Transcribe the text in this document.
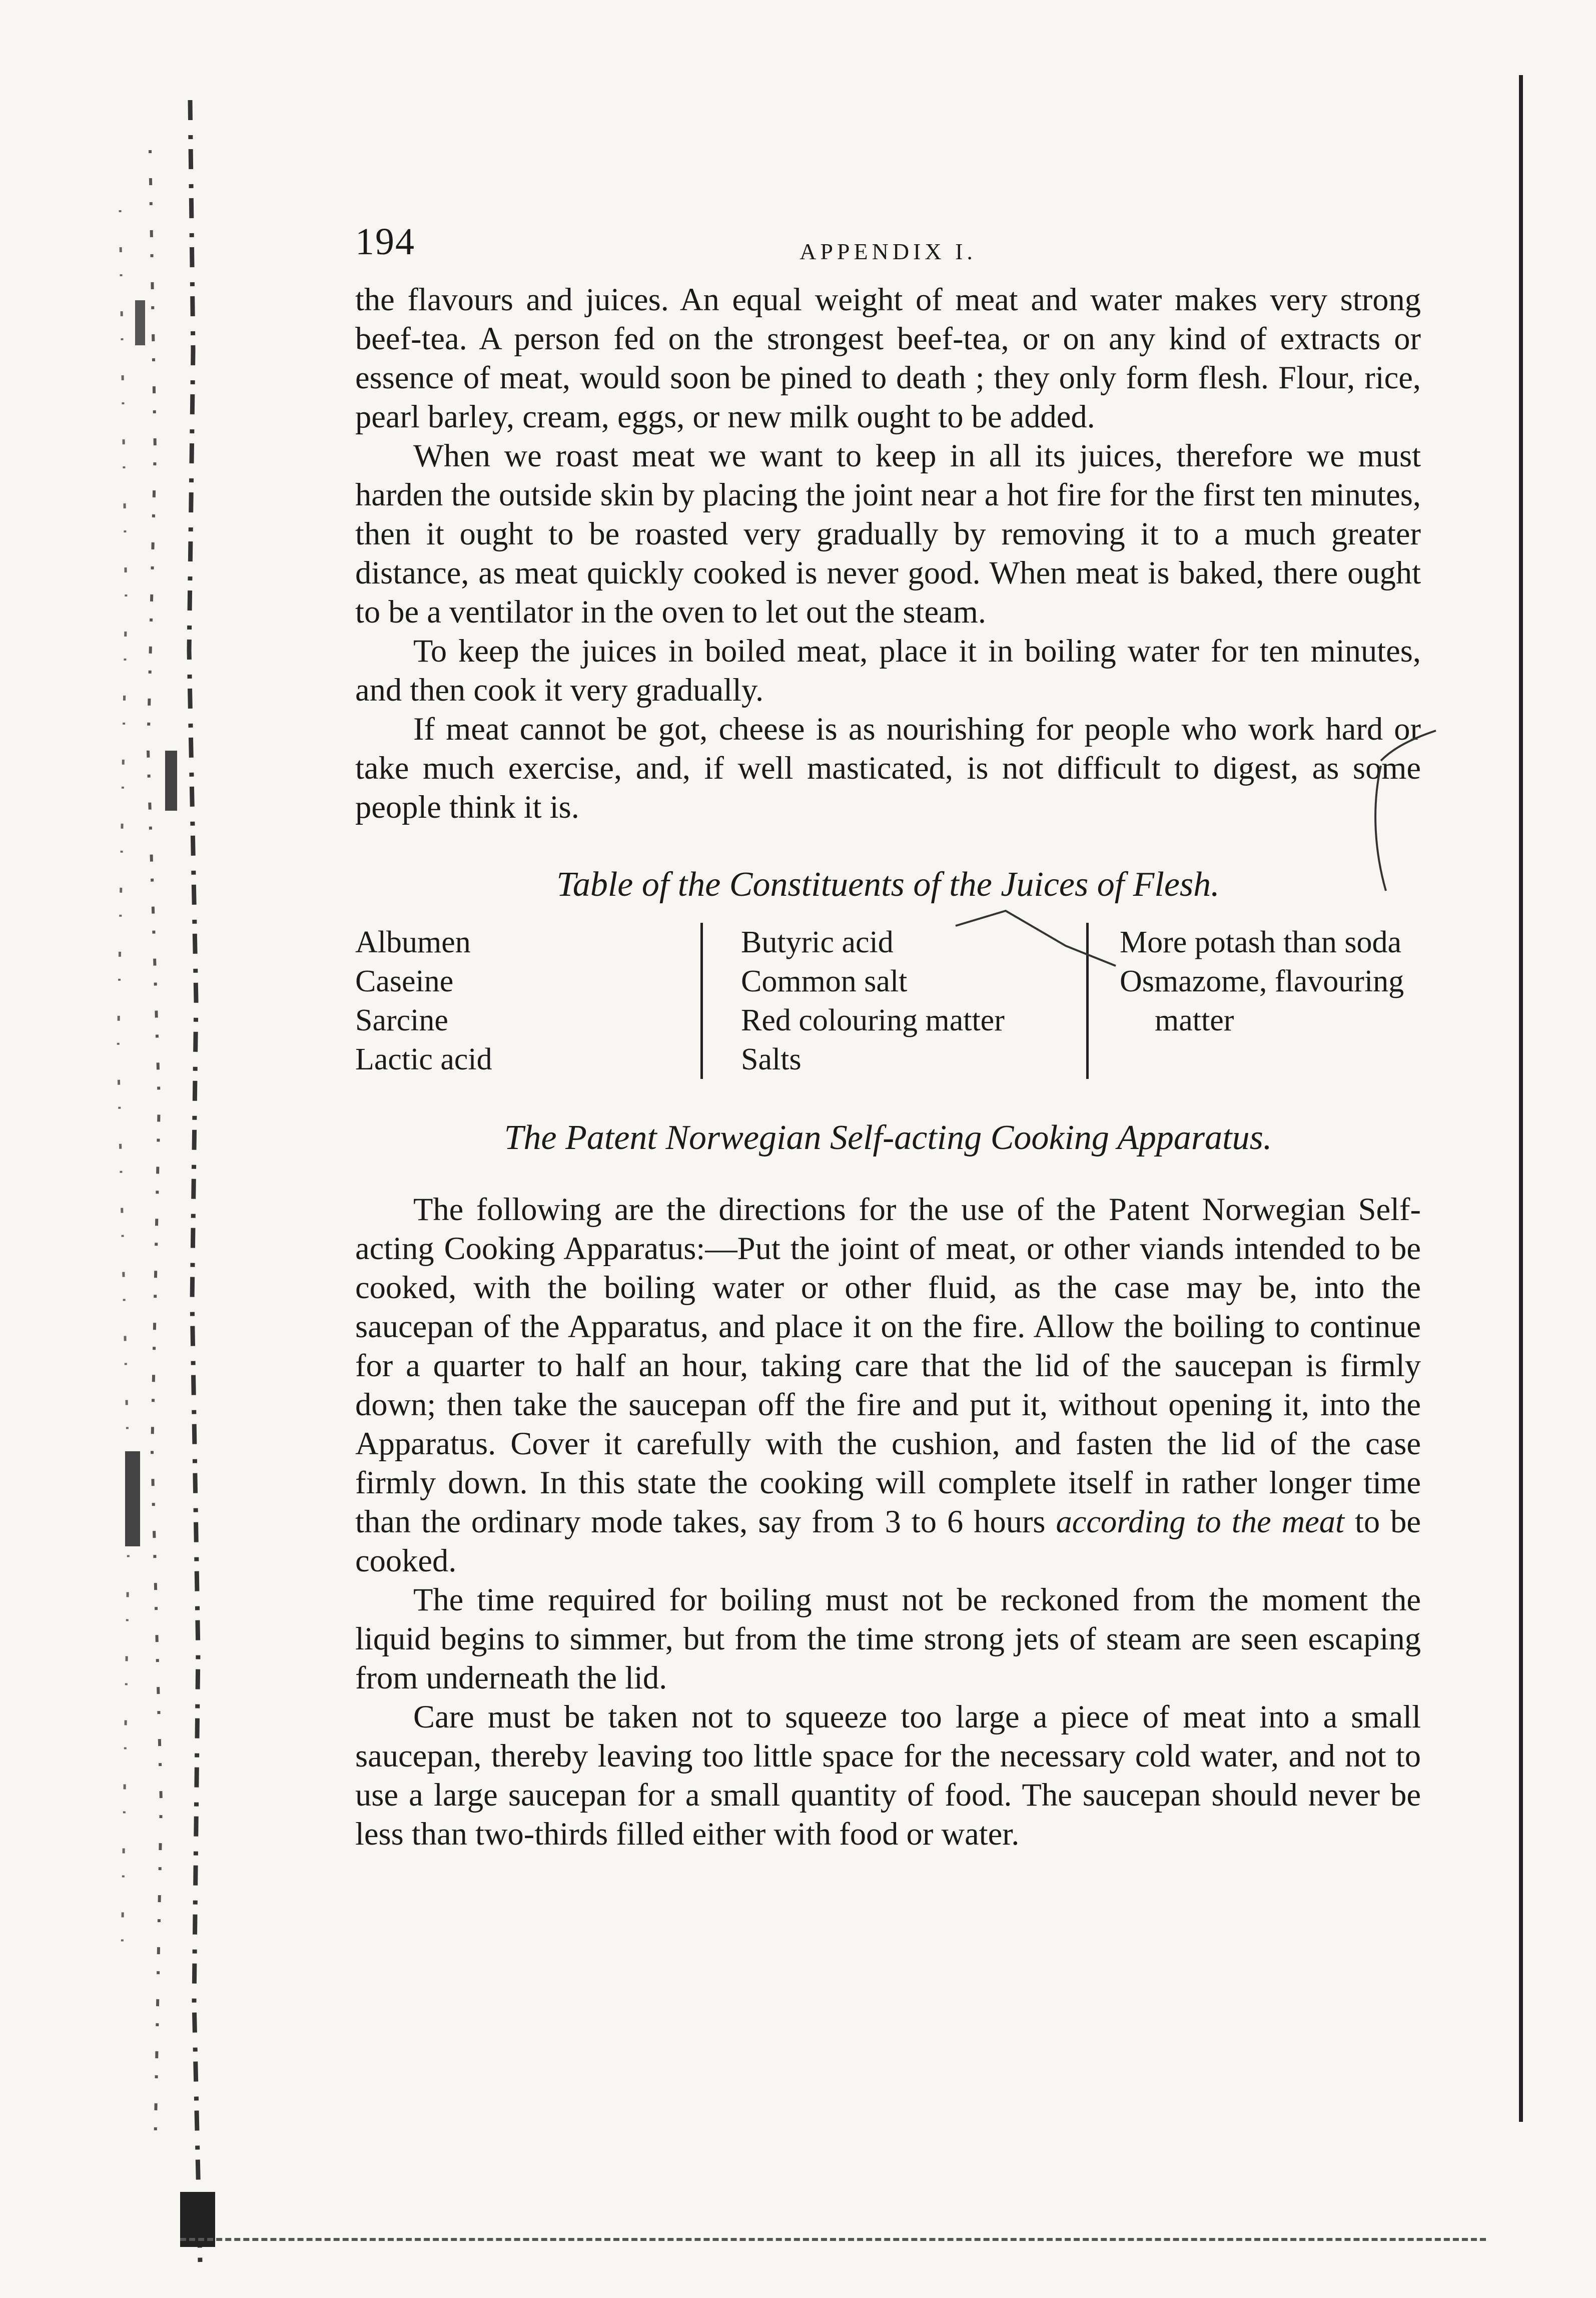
194	APPENDIX I.

the flavours and juices. An equal weight of meat and water makes very strong beef-tea. A person fed on the strongest beef-tea, or on any kind of extracts or essence of meat, would soon be pined to death ; they only form flesh. Flour, rice, pearl barley, cream, eggs, or new milk ought to be added.

When we roast meat we want to keep in all its juices, therefore we must harden the outside skin by placing the joint near a hot fire for the first ten minutes, then it ought to be roasted very gradually by removing it to a much greater distance, as meat quickly cooked is never good. When meat is baked, there ought to be a ventilator in the oven to let out the steam.

To keep the juices in boiled meat, place it in boiling water for ten minutes, and then cook it very gradually.

If meat cannot be got, cheese is as nourishing for people who work hard or take much exercise, and, if well masticated, is not difficult to digest, as some people think it is.

Table of the Constituents of the Juices of Flesh.
Albumen
Caseine
Sarcine
Lactic acid
Butyric acid
Common salt
Red colouring matter
Salts
More potash than soda
Osmazome, flavouring
matter
The Patent Norwegian Self-acting Cooking Apparatus.

The following are the directions for the use of the Patent Norwegian Self-acting Cooking Apparatus:—Put the joint of meat, or other viands intended to be cooked, with the boiling water or other fluid, as the case may be, into the saucepan of the Apparatus, and place it on the fire. Allow the boiling to continue for a quarter to half an hour, taking care that the lid of the saucepan is firmly down; then take the saucepan off the fire and put it, without opening it, into the Apparatus. Cover it carefully with the cushion, and fasten the lid of the case firmly down. In this state the cooking will complete itself in rather longer time than the ordinary mode takes, say from 3 to 6 hours according to the meat to be cooked.

The time required for boiling must not be reckoned from the moment the liquid begins to simmer, but from the time strong jets of steam are seen escaping from underneath the lid.

Care must be taken not to squeeze too large a piece of meat into a small saucepan, thereby leaving too little space for the necessary cold water, and not to use a large saucepan for a small quantity of food. The saucepan should never be less than two-thirds filled either with food or water.
